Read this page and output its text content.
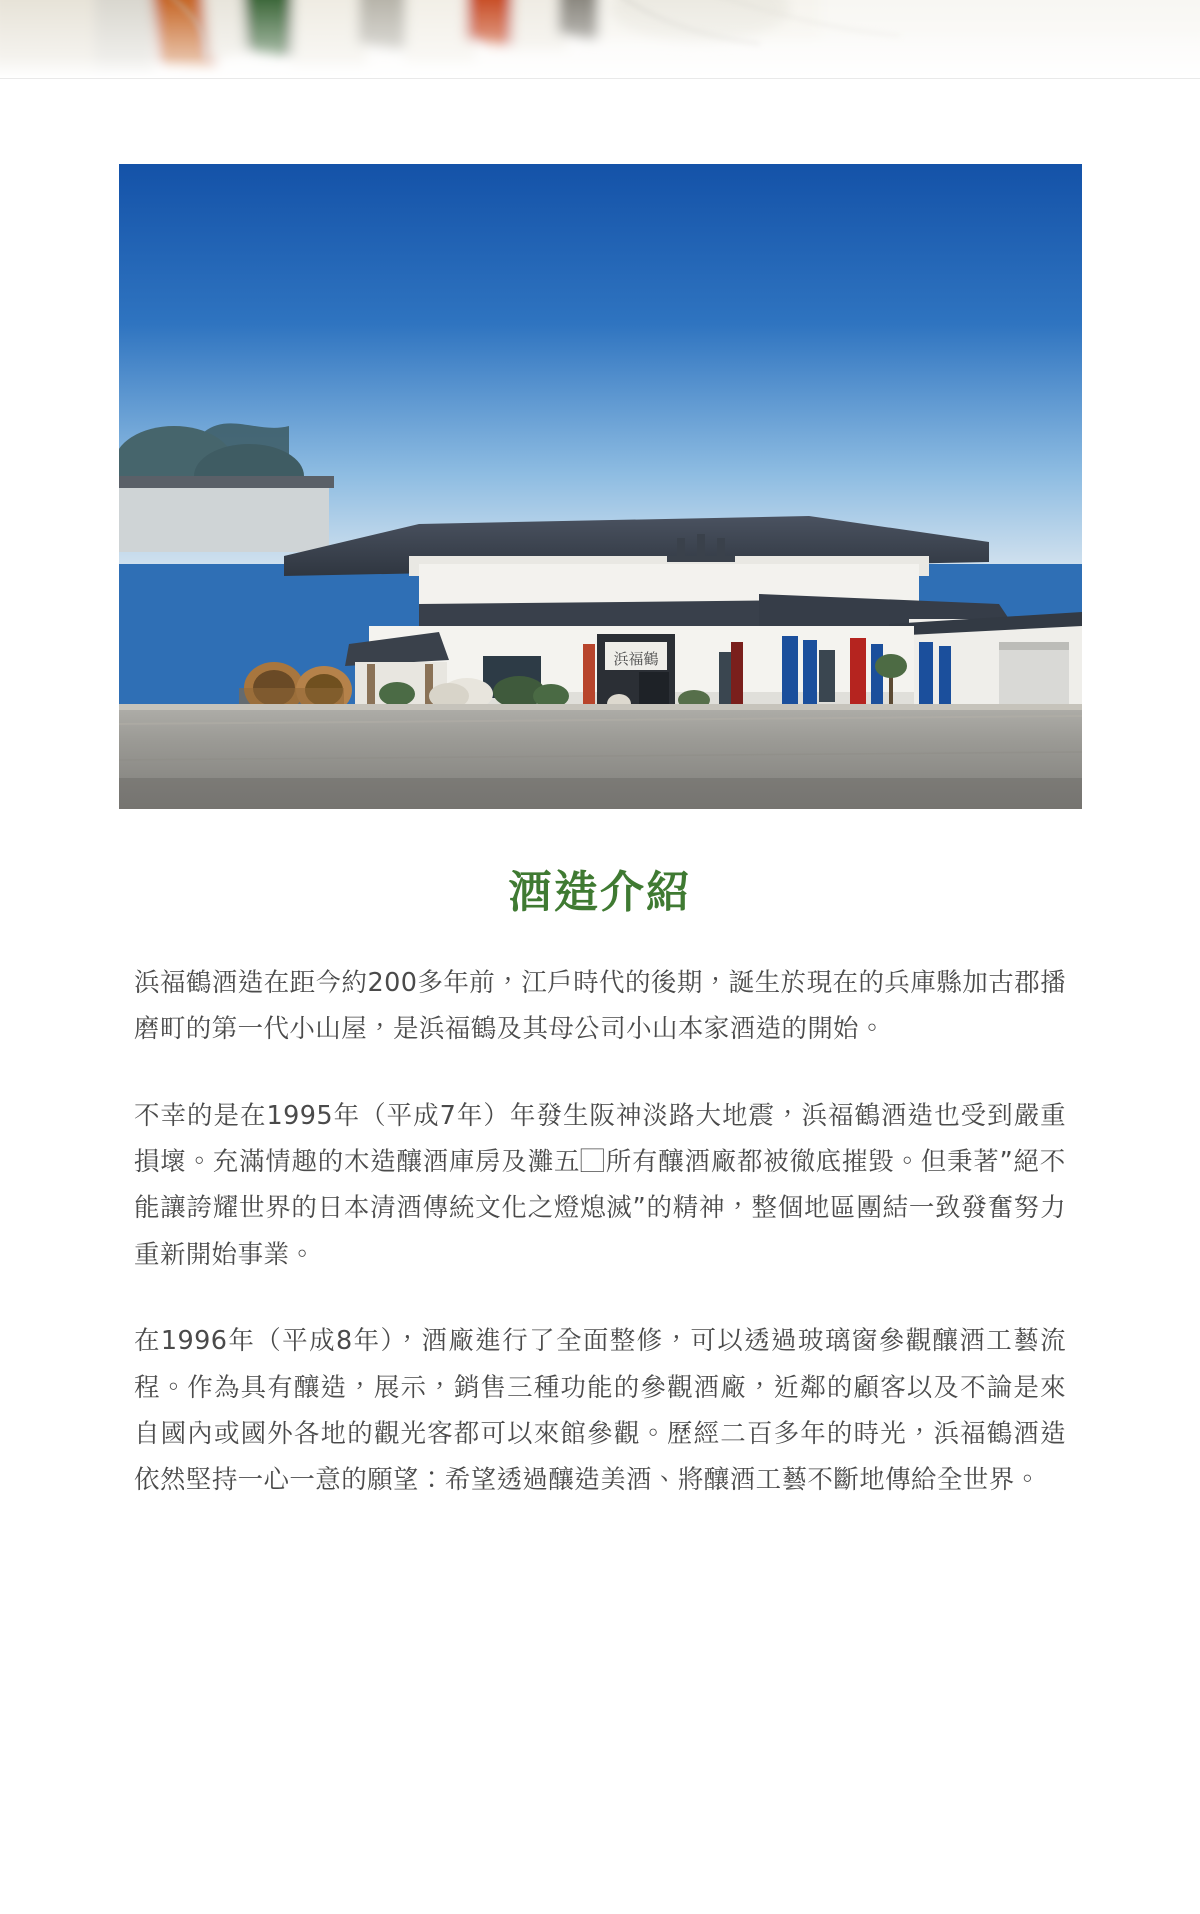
浜福鶴
酒造介紹

浜福鶴酒造在距今約200多年前，江戶時代的後期，誕生於現在的兵庫縣加古郡播磨町的第一代小山屋，是浜福鶴及其母公司小山本家酒造的開始。

不幸的是在1995年（平成7年）年發生阪神淡路大地震，浜福鶴酒造也受到嚴重損壞。充滿情趣的木造釀酒庫房及灘五⃞所有釀酒廠都被徹底摧毀。但秉著”絕不能讓誇耀世界的日本清酒傳統文化之燈熄滅”的精神，整個地區團結一致發奮努力重新開始事業。

在1996年（平成8年），酒廠進行了全面整修，可以透過玻璃窗參觀釀酒工藝流程。作為具有釀造，展示，銷售三種功能的參觀酒廠，近鄰的顧客以及不論是來自國內或國外各地的觀光客都可以來館參觀。歷經二百多年的時光，浜福鶴酒造依然堅持一心一意的願望：希望透過釀造美酒、將釀酒工藝不斷地傳給全世界。
